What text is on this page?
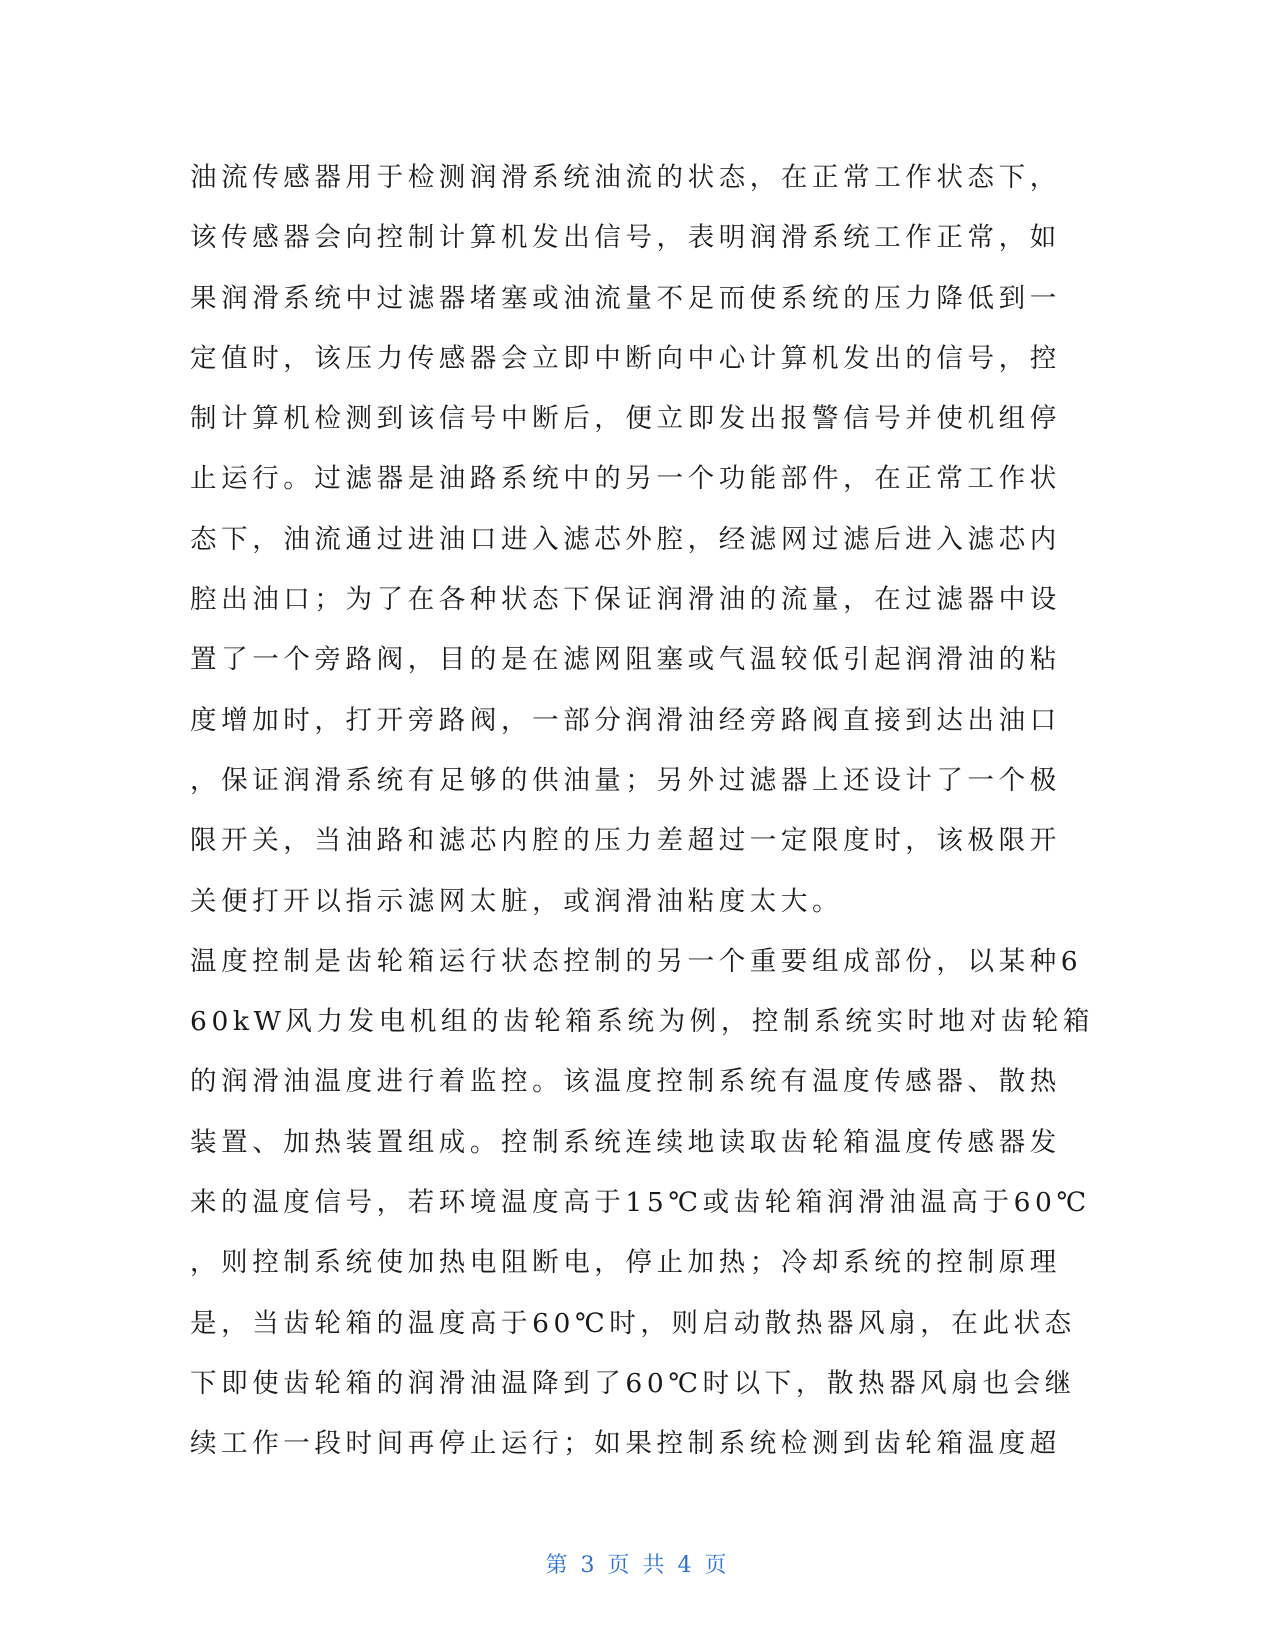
油流传感器用于检测润滑系统油流的状态，在正常工作状态下，
该传感器会向控制计算机发出信号，表明润滑系统工作正常，如
果润滑系统中过滤器堵塞或油流量不足而使系统的压力降低到一
定值时，该压力传感器会立即中断向中心计算机发出的信号，控
制计算机检测到该信号中断后，便立即发出报警信号并使机组停
止运行。过滤器是油路系统中的另一个功能部件，在正常工作状
态下，油流通过进油口进入滤芯外腔，经滤网过滤后进入滤芯内
腔出油口；为了在各种状态下保证润滑油的流量，在过滤器中设
置了一个旁路阀，目的是在滤网阻塞或气温较低引起润滑油的粘
度增加时，打开旁路阀，一部分润滑油经旁路阀直接到达出油口
，保证润滑系统有足够的供油量；另外过滤器上还设计了一个极
限开关，当油路和滤芯内腔的压力差超过一定限度时，该极限开
关便打开以指示滤网太脏，或润滑油粘度太大。
温度控制是齿轮箱运行状态控制的另一个重要组成部份，以某种6
60kW风力发电机组的齿轮箱系统为例，控制系统实时地对齿轮箱
的润滑油温度进行着监控。该温度控制系统有温度传感器、散热
装置、加热装置组成。控制系统连续地读取齿轮箱温度传感器发
来的温度信号，若环境温度高于15℃或齿轮箱润滑油温高于60℃
，则控制系统使加热电阻断电，停止加热；冷却系统的控制原理
是，当齿轮箱的温度高于60℃时，则启动散热器风扇，在此状态
下即使齿轮箱的润滑油温降到了60℃时以下，散热器风扇也会继
续工作一段时间再停止运行；如果控制系统检测到齿轮箱温度超
第 3 页 共 4 页
